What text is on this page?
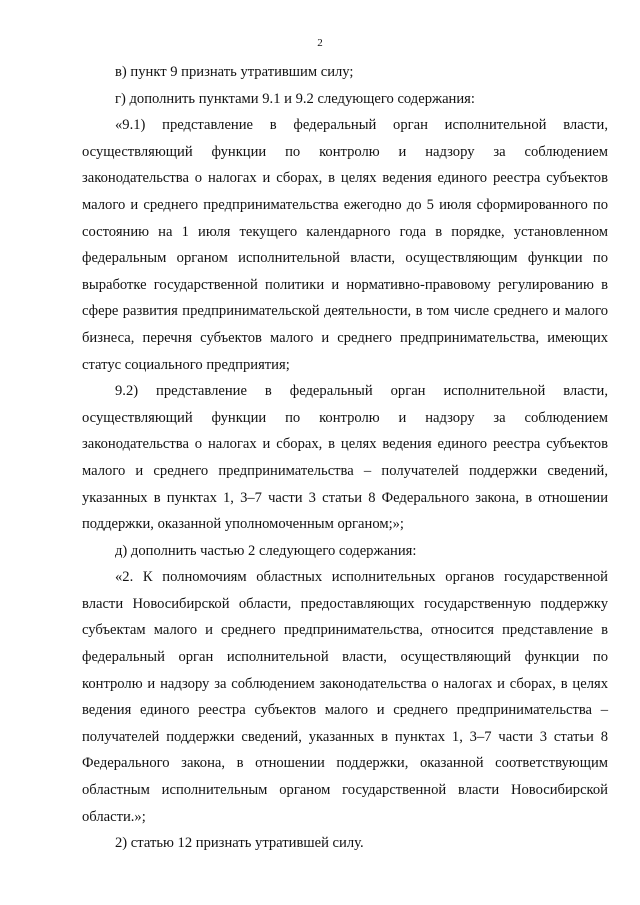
2

в) пункт 9 признать утратившим силу;

г) дополнить пунктами 9.1 и 9.2 следующего содержания:

«9.1) представление в федеральный орган исполнительной власти, осуществляющий функции по контролю и надзору за соблюдением законодательства о налогах и сборах, в целях ведения единого реестра субъектов малого и среднего предпринимательства ежегодно до 5 июля сформированного по состоянию на 1 июля текущего календарного года в порядке, установленном федеральным органом исполнительной власти, осуществляющим функции по выработке государственной политики и нормативно-правовому регулированию в сфере развития предпринимательской деятельности, в том числе среднего и малого бизнеса, перечня субъектов малого и среднего предпринимательства, имеющих статус социального предприятия;

9.2) представление в федеральный орган исполнительной власти, осуществляющий функции по контролю и надзору за соблюдением законодательства о налогах и сборах, в целях ведения единого реестра субъектов малого и среднего предпринимательства – получателей поддержки сведений, указанных в пунктах 1, 3–7 части 3 статьи 8 Федерального закона, в отношении поддержки, оказанной уполномоченным органом;»;

д) дополнить частью 2 следующего содержания:

«2. К полномочиям областных исполнительных органов государственной власти Новосибирской области, предоставляющих государственную поддержку субъектам малого и среднего предпринимательства, относится представление в федеральный орган исполнительной власти, осуществляющий функции по контролю и надзору за соблюдением законодательства о налогах и сборах, в целях ведения единого реестра субъектов малого и среднего предпринимательства – получателей поддержки сведений, указанных в пунктах 1, 3–7 части 3 статьи 8 Федерального закона, в отношении поддержки, оказанной соответствующим областным исполнительным органом государственной власти Новосибирской области.»;

2) статью 12 признать утратившей силу.
